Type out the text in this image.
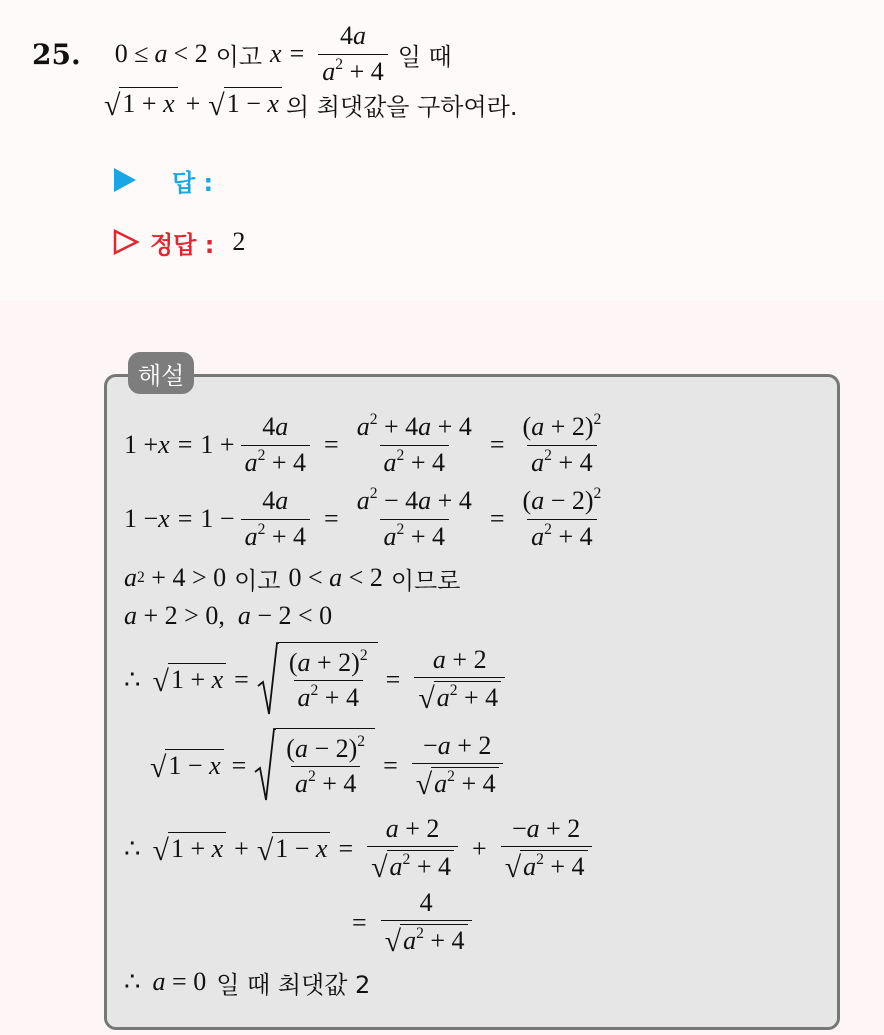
25. 0 ≤ a < 2 이고 $x = \frac{4a}{a^2 + 4}$ 일 때
√ 1 + x + √ 1 − x 의 최댓값을 구하여라.
답 :
정답 : 2
해설
$1 + x = 1 + \frac{4a}{a^2 + 4} = \frac{a^2 + 4a + 4}{a^2 + 4} = \frac{(a + 2)^2}{a^2 + 4}$
$1 - x = 1 - \frac{4a}{a^2 + 4} = \frac{a^2 - 4a + 4}{a^2 + 4} = \frac{(a - 2)^2}{a^2 + 4}$
a 2 + 4 > 0 이고 0 < a < 2 이므로
a + 2 > 0, a − 2 < 0
∴ √ $1 + x = \frac{(a + 2)^2}{a^2 + 4} = \frac{a + 2}{√ a^2 + 4}$
√ $1 - x = \frac{(a - 2)^2}{a^2 + 4} = \frac{-a + 2}{√ a^2 + 4}$
∴ √ 1 + x + √ $1 - x = \frac{a + 2}{√ a^2 + 4} + \frac{-a + 2}{√ a^2 + 4}$
= $\frac{4}{√ a^2 + 4}$
∴ a = 0 일 때 최댓값 2
